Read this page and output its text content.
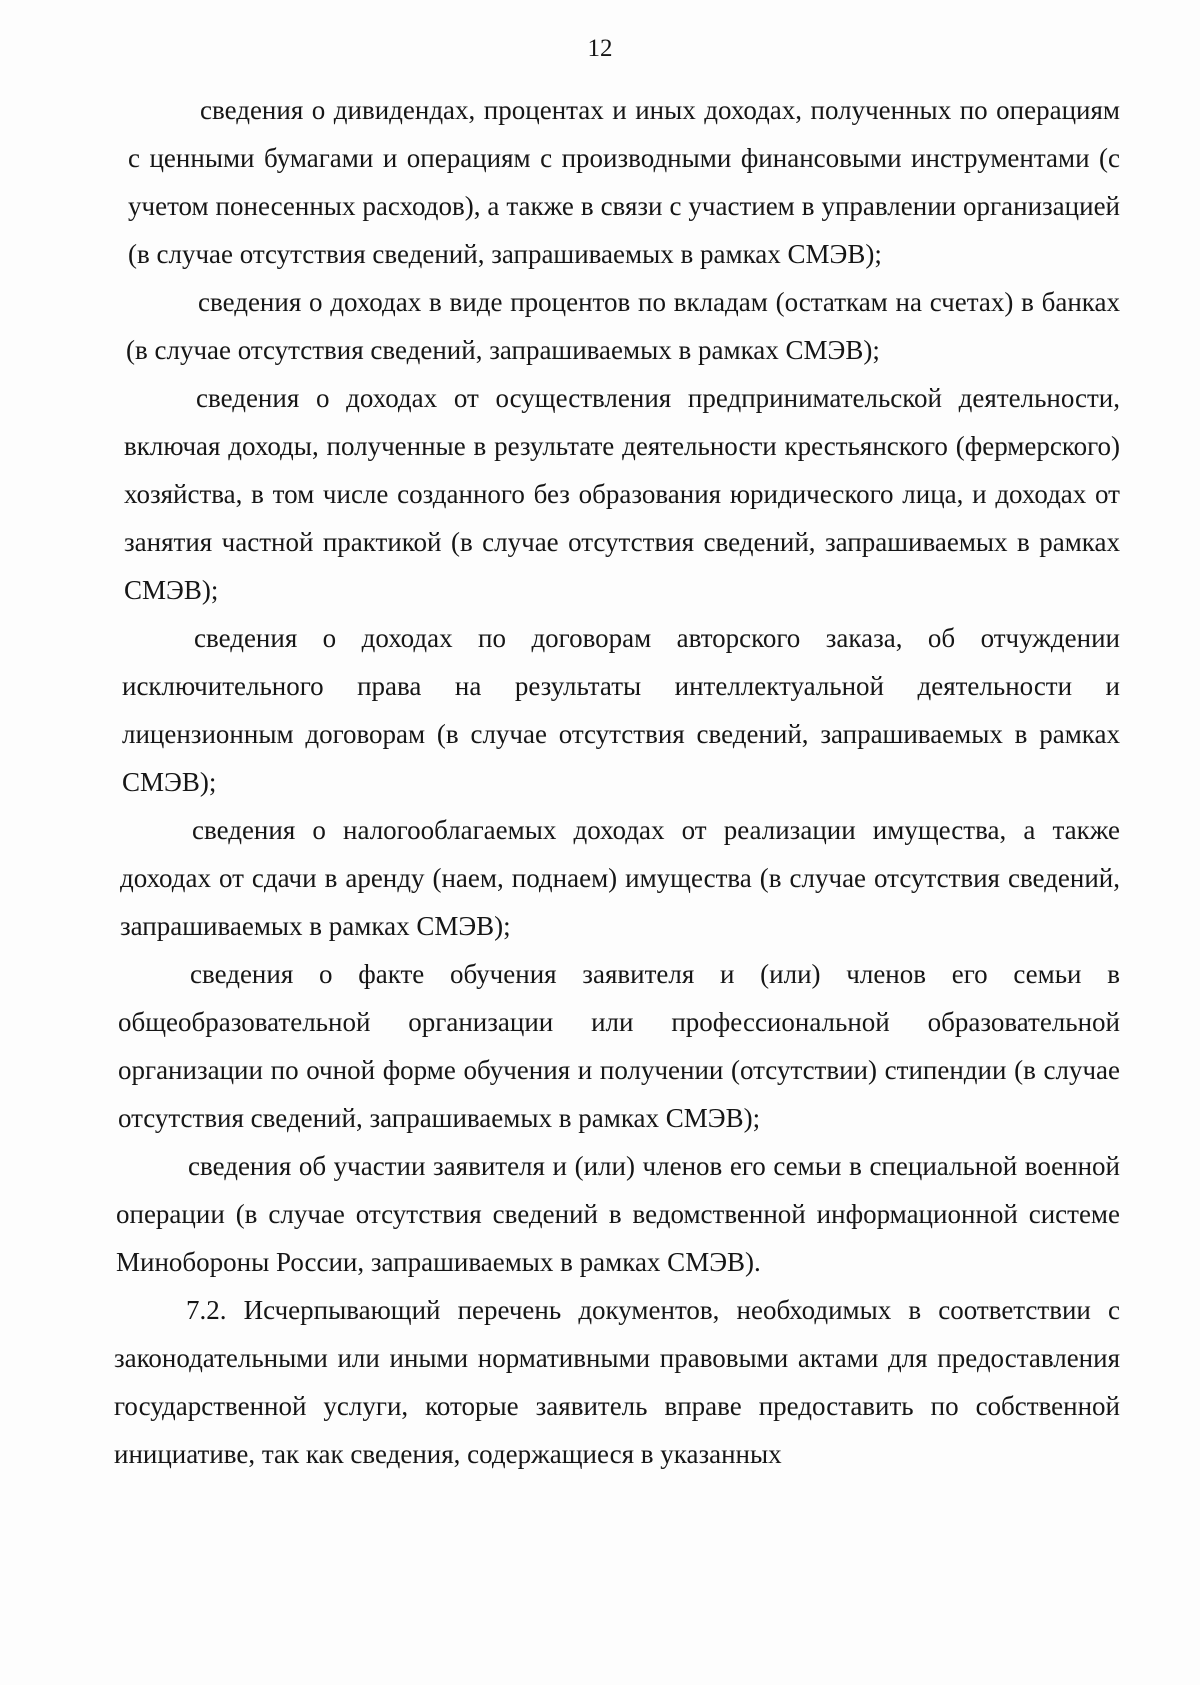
12

сведения о дивидендах, процентах и иных доходах, полученных по операциям с ценными бумагами и операциям с производными финансовыми инструментами (с учетом понесенных расходов), а также в связи с участием в управлении организацией (в случае отсутствия сведений, запрашиваемых в рамках СМЭВ);

сведения о доходах в виде процентов по вкладам (остаткам на счетах) в банках (в случае отсутствия сведений, запрашиваемых в рамках СМЭВ);

сведения о доходах от осуществления предпринимательской деятельности, включая доходы, полученные в результате деятельности крестьянского (фермерского) хозяйства, в том числе созданного без образования юридического лица, и доходах от занятия частной практикой (в случае отсутствия сведений, запрашиваемых в рамках СМЭВ);

сведения о доходах по договорам авторского заказа, об отчуждении исключительного права на результаты интеллектуальной деятельности и лицензионным договорам (в случае отсутствия сведений, запрашиваемых в рамках СМЭВ);

сведения о налогооблагаемых доходах от реализации имущества, а также доходах от сдачи в аренду (наем, поднаем) имущества (в случае отсутствия сведений, запрашиваемых в рамках СМЭВ);

сведения о факте обучения заявителя и (или) членов его семьи в общеобразовательной организации или профессиональной образовательной организации по очной форме обучения и получении (отсутствии) стипендии (в случае отсутствия сведений, запрашиваемых в рамках СМЭВ);

сведения об участии заявителя и (или) членов его семьи в специальной военной операции (в случае отсутствия сведений в ведомственной информационной системе Минобороны России, запрашиваемых в рамках СМЭВ).

7.2. Исчерпывающий перечень документов, необходимых в соответствии с законодательными или иными нормативными правовыми актами для предоставления государственной услуги, которые заявитель вправе предоставить по собственной инициативе, так как сведения, содержащиеся в указанных
